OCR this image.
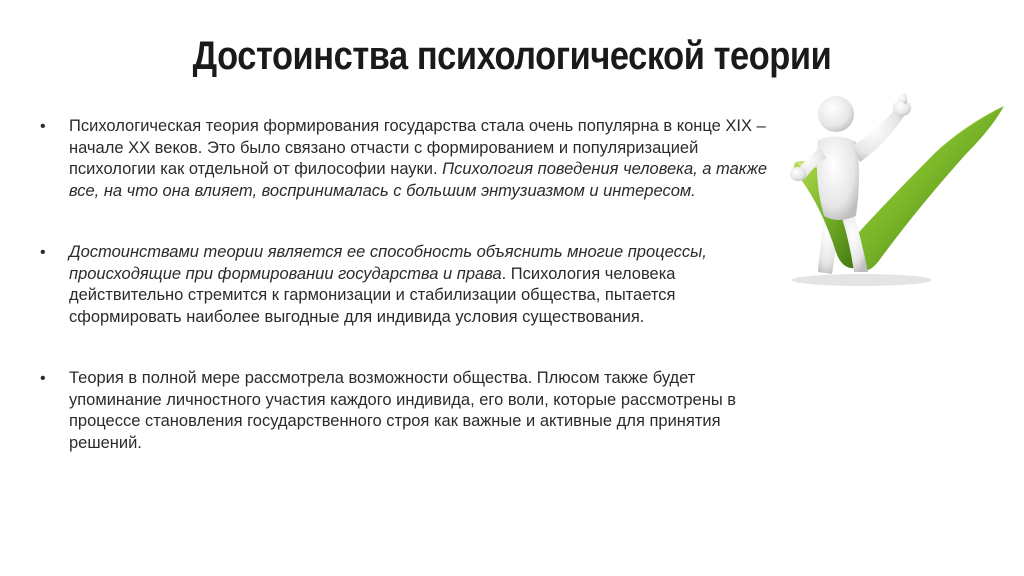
Достоинства психологической теории
• Психологическая теория формирования государства стала очень популярна в конце XIX – начале XX веков. Это было связано отчасти с формированием и популяризацией психологии как отдельной от философии науки. Психология поведения человека, а также все, на что она влияет, воспринималась с большим энтузиазмом и интересом.
• Достоинствами теории является ее способность объяснить многие процессы, происходящие при формировании государства и права. Психология человека действительно стремится к гармонизации и стабилизации общества, пытается сформировать наиболее выгодные для индивида условия существования.
• Теория в полной мере рассмотрела возможности общества. Плюсом также будет упоминание личностного участия каждого индивида, его воли, которые рассмотрены в процессе становления государственного строя как важные и активные для принятия решений.
